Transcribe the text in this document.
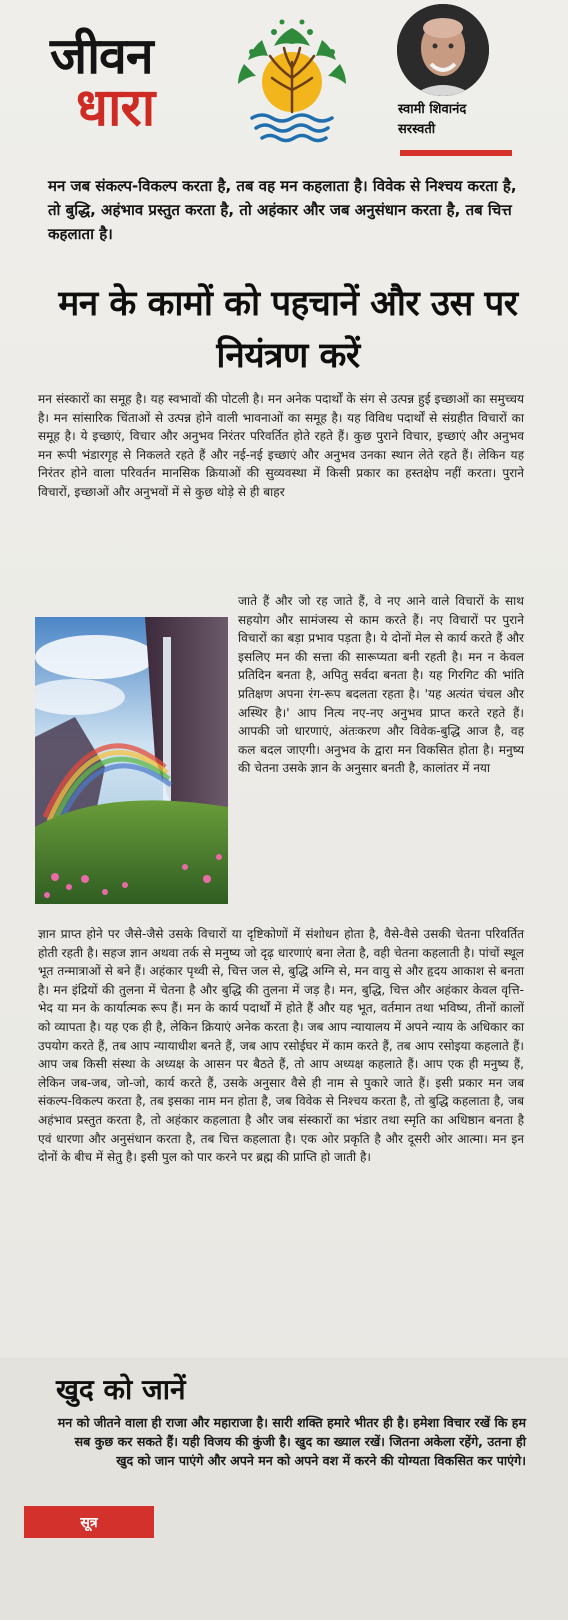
जीवन
धारा	स्वामी शिवानंद
सरस्वती
मन जब संकल्प-विकल्प करता है, तब वह मन कहलाता है। विवेक से निश्चय करता है, तो बुद्धि, अहंभाव प्रस्तुत करता है, तो अहंकार और जब अनुसंधान करता है, तब चित्त कहलाता है।
मन के कामों को पहचानें और उस पर नियंत्रण करें
मन संस्कारों का समूह है। यह स्वभावों की पोटली है। मन अनेक पदार्थों के संग से उत्पन्न हुई इच्छाओं का समुच्चय है। मन सांसारिक चिंताओं से उत्पन्न होने वाली भावनाओं का समूह है। यह विविध पदार्थों से संग्रहीत विचारों का समूह है। ये इच्छाएं, विचार और अनुभव निरंतर परिवर्तित होते रहते हैं। कुछ पुराने विचार, इच्छाएं और अनुभव मन रूपी भंडारगृह से निकलते रहते हैं और नई-नई इच्छाएं और अनुभव उनका स्थान लेते रहते हैं। लेकिन यह निरंतर होने वाला परिवर्तन मानसिक क्रियाओं की सुव्यवस्था में किसी प्रकार का हस्तक्षेप नहीं करता। पुराने विचारों, इच्छाओं और अनुभवों में से कुछ थोड़े से ही बाहर
जाते हैं और जो रह जाते हैं, वे नए आने वाले विचारों के साथ सहयोग और सामंजस्य से काम करते हैं। नए विचारों पर पुराने विचारों का बड़ा प्रभाव पड़ता है। ये दोनों मेल से कार्य करते हैं और इसलिए मन की सत्ता की सारूप्यता बनी रहती है। मन न केवल प्रतिदिन बनता है, अपितु सर्वदा बनता है। यह गिरगिट की भांति प्रतिक्षण अपना रंग-रूप बदलता रहता है। 'यह अत्यंत चंचल और अस्थिर है।' आप नित्य नए-नए अनुभव प्राप्त करते रहते हैं। आपकी जो धारणाएं, अंतःकरण और विवेक-बुद्धि आज है, वह कल बदल जाएगी। अनुभव के द्वारा मन विकसित होता है। मनुष्य की चेतना उसके ज्ञान के अनुसार बनती है, कालांतर में नया
ज्ञान प्राप्त होने पर जैसे-जैसे उसके विचारों या दृष्टिकोणों में संशोधन होता है, वैसे-वैसे उसकी चेतना परिवर्तित होती रहती है। सहज ज्ञान अथवा तर्क से मनुष्य जो दृढ़ धारणाएं बना लेता है, वही चेतना कहलाती है। पांचों स्थूल भूत तन्मात्राओं से बने हैं। अहंकार पृथ्वी से, चित्त जल से, बुद्धि अग्नि से, मन वायु से और हृदय आकाश से बनता है। मन इंद्रियों की तुलना में चेतना है और बुद्धि की तुलना में जड़ है। मन, बुद्धि, चित्त और अहंकार केवल वृत्ति-भेद या मन के कार्यात्मक रूप हैं। मन के कार्य पदार्थों में होते हैं और यह भूत, वर्तमान तथा भविष्य, तीनों कालों को व्यापता है। यह एक ही है, लेकिन क्रियाएं अनेक करता है। जब आप न्यायालय में अपने न्याय के अधिकार का उपयोग करते हैं, तब आप न्यायाधीश बनते हैं, जब आप रसोईघर में काम करते हैं, तब आप रसोइया कहलाते हैं। आप जब किसी संस्था के अध्यक्ष के आसन पर बैठते हैं, तो आप अध्यक्ष कहलाते हैं। आप एक ही मनुष्य हैं, लेकिन जब-जब, जो-जो, कार्य करते हैं, उसके अनुसार वैसे ही नाम से पुकारे जाते हैं। इसी प्रकार मन जब संकल्प-विकल्प करता है, तब इसका नाम मन होता है, जब विवेक से निश्चय करता है, तो बुद्धि कहलाता है, जब अहंभाव प्रस्तुत करता है, तो अहंकार कहलाता है और जब संस्कारों का भंडार तथा स्मृति का अधिष्ठान बनता है एवं धारणा और अनुसंधान करता है, तब चित्त कहलाता है। एक ओर प्रकृति है और दूसरी ओर आत्मा। मन इन दोनों के बीच में सेतु है। इसी पुल को पार करने पर ब्रह्म की प्राप्ति हो जाती है।
खुद को जानें
मन को जीतने वाला ही राजा और महाराजा है। सारी शक्ति हमारे भीतर ही है। हमेशा विचार रखें कि हम सब कुछ कर सकते हैं। यही विजय की कुंजी है। खुद का ख्याल रखें। जितना अकेला रहेंगे, उतना ही खुद को जान पाएंगे और अपने मन को अपने वश में करने की योग्यता विकसित कर पाएंगे।
सूत्र
